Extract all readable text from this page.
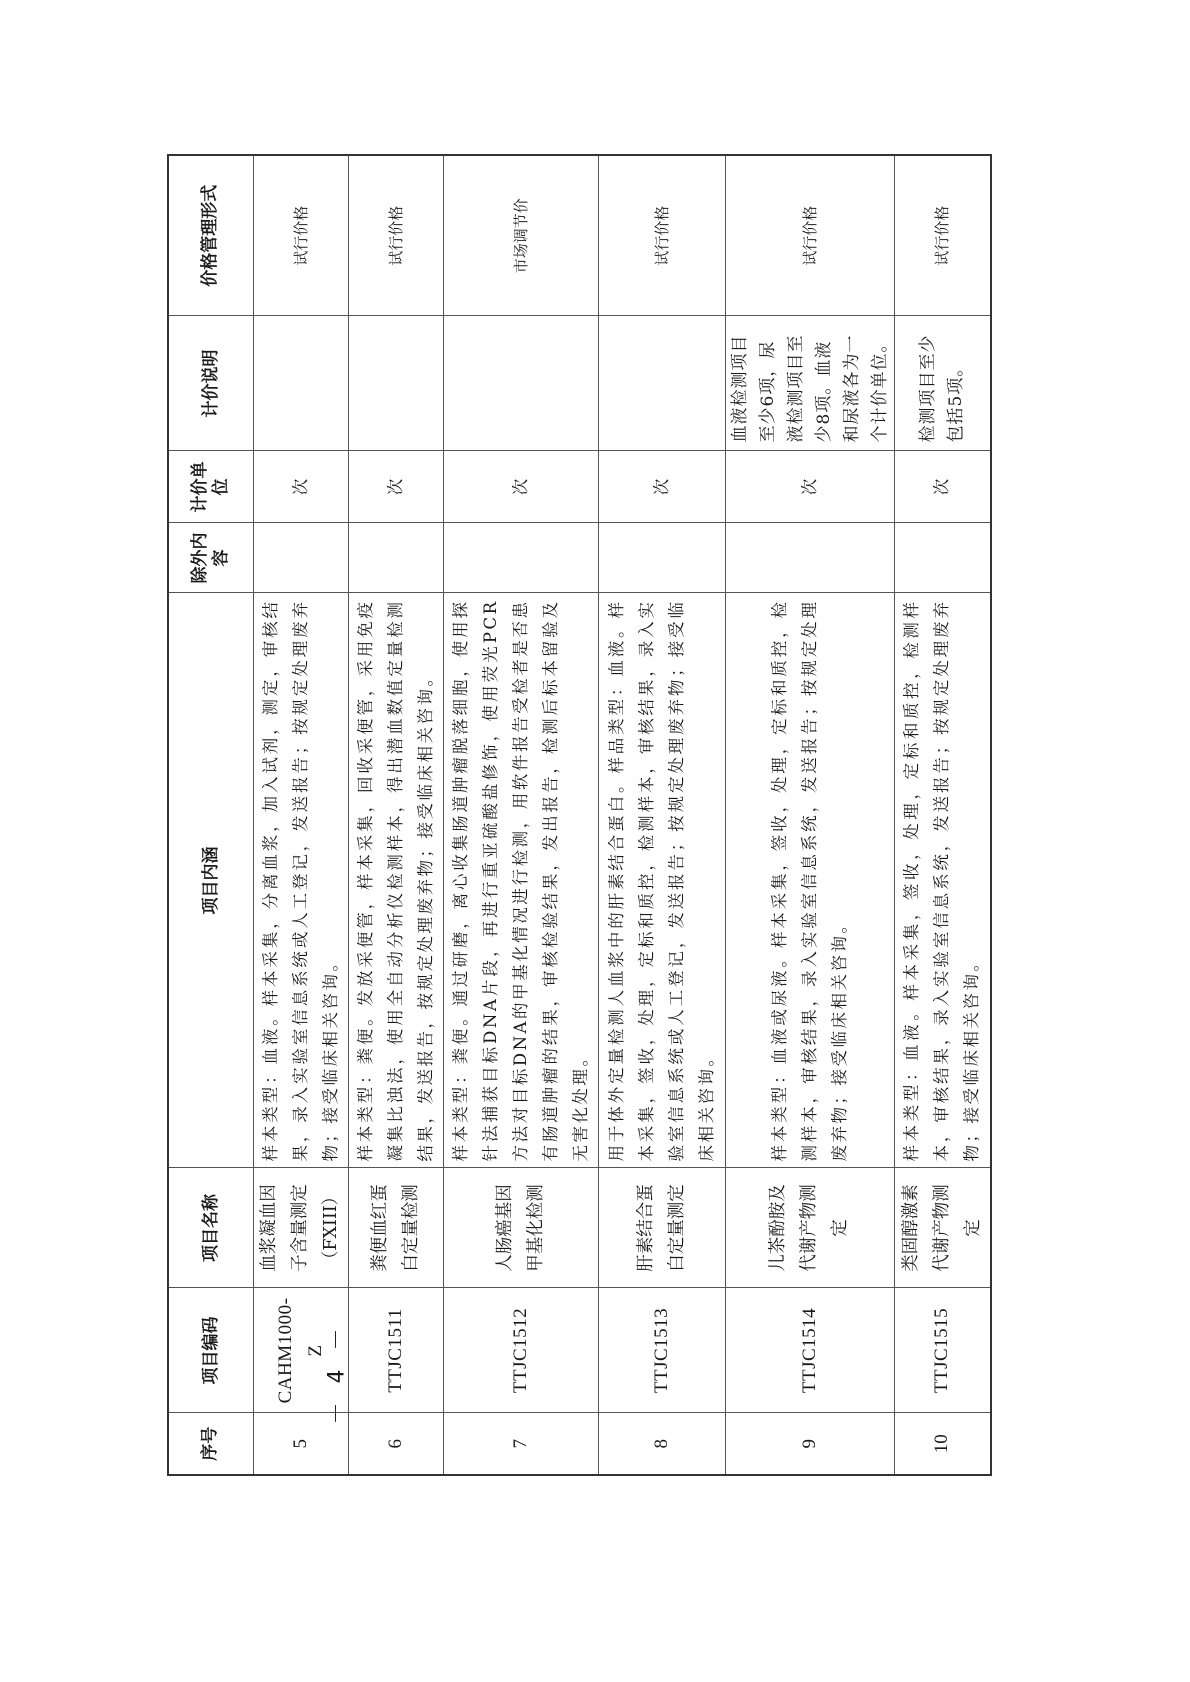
序号	项目编码	项目名称	项目内涵	除外内容	计价单位	计价说明	价格管理形式
5	CAHM1000-Z	血浆凝血因子含量测定（FXIII）	样本类型：血液。样本采集，分离血浆，加入试剂，测定，审核结果，录入实验室信息系统或人工登记，发送报告；按规定处理废弃物；接受临床相关咨询。		次		试行价格
6	TTJC1511	粪便血红蛋白定量检测	样本类型：粪便。发放采便管，样本采集，回收采便管，采用免疫凝集比浊法，使用全自动分析仪检测样本，得出潜血数值定量检测结果，发送报告，按规定处理废弃物；接受临床相关咨询。		次		试行价格
7	TTJC1512	人肠癌基因甲基化检测	样本类型：粪便。通过研磨，离心收集肠道肿瘤脱落细胞，使用探针法捕获目标DNA片段，再进行重亚硫酸盐修饰，使用荧光PCR方法对目标DNA的甲基化情况进行检测，用软件报告受检者是否患有肠道肿瘤的结果，审核检验结果，发出报告，检测后标本留验及无害化处理。		次		市场调节价
8	TTJC1513	肝素结合蛋白定量测定	用于体外定量检测人血浆中的肝素结合蛋白。样品类型：血液。样本采集，签收，处理，定标和质控，检测样本，审核结果，录入实验室信息系统或人工登记，发送报告；按规定处理废弃物；接受临床相关咨询。		次		试行价格
9	TTJC1514	儿茶酚胺及代谢产物测定	样本类型：血液或尿液。样本采集，签收，处理，定标和质控，检测样本，审核结果，录入实验室信息系统，发送报告；按规定处理废弃物；接受临床相关咨询。		次	血液检测项目至少6项，尿液检测项目至少8项。血液和尿液各为一个计价单位。	试行价格
10	TTJC1515	类固醇激素代谢产物测定	样本类型：血液。样本采集，签收，处理，定标和质控，检测样本，审核结果，录入实验室信息系统，发送报告；按规定处理废弃物；接受临床相关咨询。		次	检测项目至少包括5项。	试行价格
－ 4 －
